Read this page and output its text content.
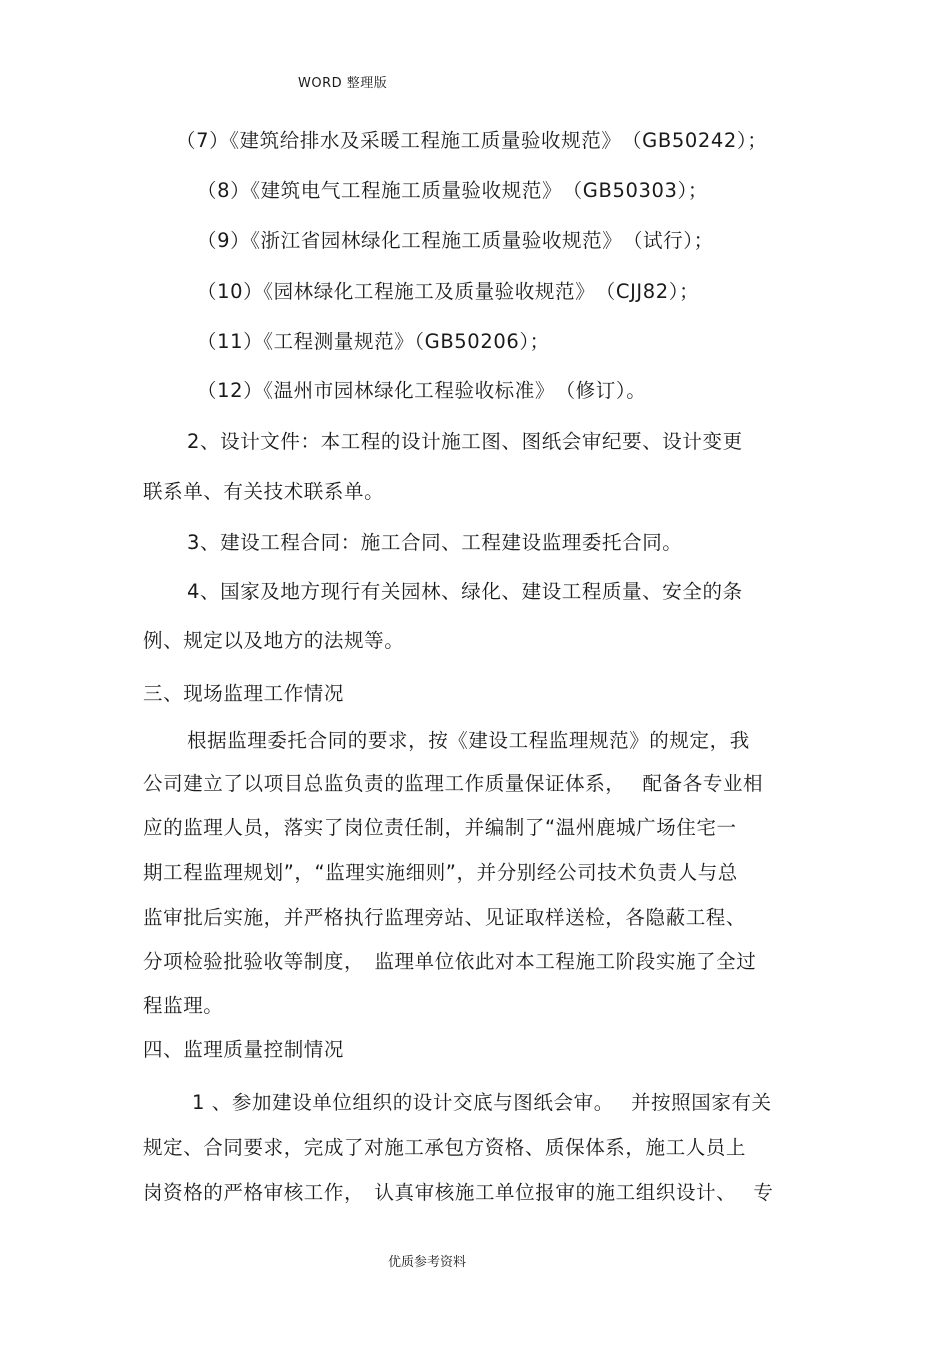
WORD 整理版
（7）《建筑给排水及采暖工程施工质量验收规范》　（GB50242）；
（8）《建筑电气工程施工质量验收规范》　（GB50303）；
（9）《浙江省园林绿化工程施工质量验收规范》　（试行）；
（10）《园林绿化工程施工及质量验收规范》　（CJJ82）；
（11）《工程测量规范》（GB50206）；
（12）《温州市园林绿化工程验收标准》　（修订）。
2、设计文件：本工程的设计施工图、图纸会审纪要、设计变更
联系单、有关技术联系单。
3、建设工程合同：施工合同、工程建设监理委托合同。
4、国家及地方现行有关园林、绿化、建设工程质量、安全的条
例、规定以及地方的法规等。
三、现场监理工作情况
根据监理委托合同的要求，按《建设工程监理规范》的规定，我
公司建立了以项目总监负责的监理工作质量保证体系，　 配备各专业相
应的监理人员，落实了岗位责任制，并编制了“温州鹿城广场住宅一
期工程监理规划”，“监理实施细则”，并分别经公司技术负责人与总
监审批后实施，并严格执行监理旁站、见证取样送检，各隐蔽工程、
分项检验批验收等制度，　监理单位依此对本工程施工阶段实施了全过
程监理。
四、监理质量控制情况
1 、参加建设单位组织的设计交底与图纸会审。　 并按照国家有关
规定、合同要求，完成了对施工承包方资格、质保体系，施工人员上
岗资格的严格审核工作，　认真审核施工单位报审的施工组织设计、　 专
优质参考资料
